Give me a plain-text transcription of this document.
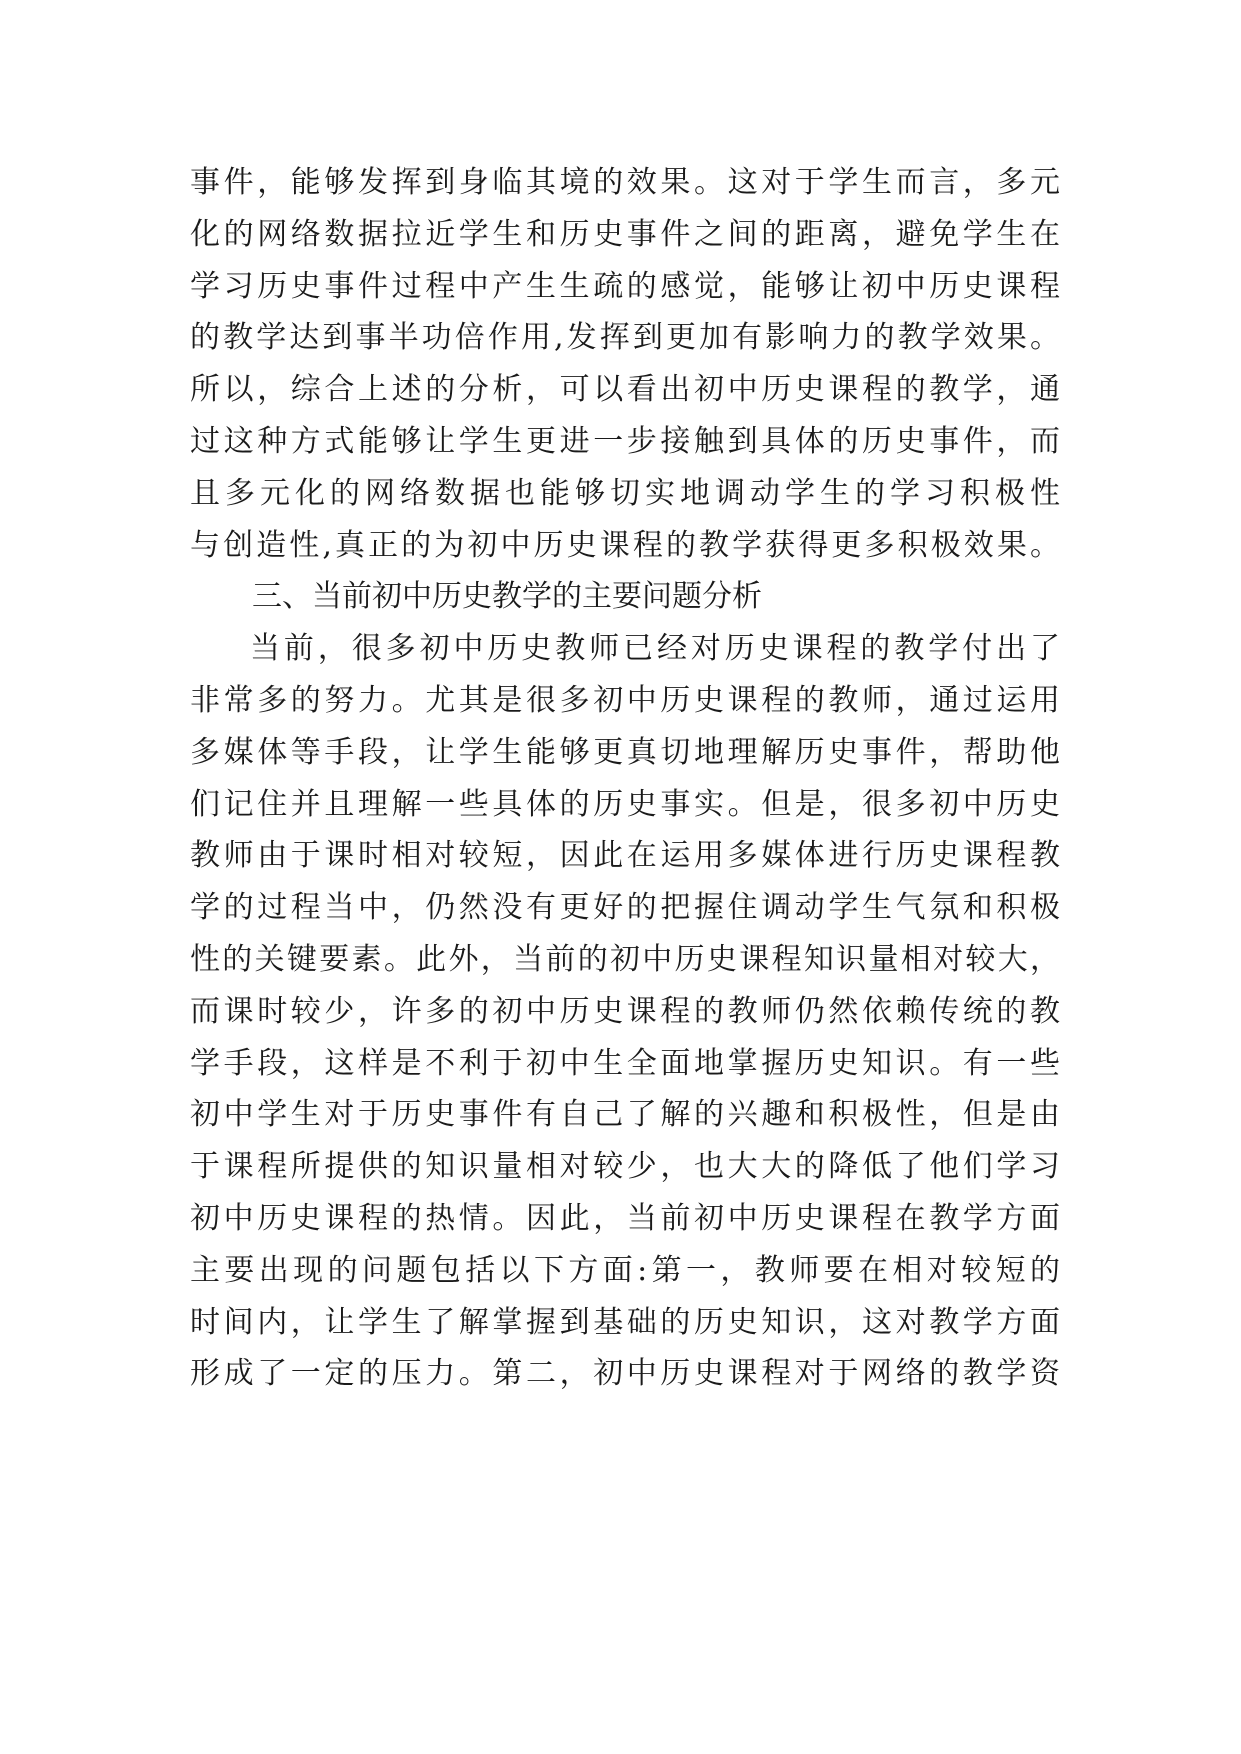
事件，能够发挥到身临其境的效果。这对于学生而言，多元
化的网络数据拉近学生和历史事件之间的距离，避免学生在
学习历史事件过程中产生生疏的感觉，能够让初中历史课程
的教学达到事半功倍作用,发挥到更加有影响力的教学效果。
所以，综合上述的分析，可以看出初中历史课程的教学，通
过这种方式能够让学生更进一步接触到具体的历史事件，而
且多元化的网络数据也能够切实地调动学生的学习积极性
与创造性,真正的为初中历史课程的教学获得更多积极效果。
三、当前初中历史教学的主要问题分析
当前，很多初中历史教师已经对历史课程的教学付出了
非常多的努力。尤其是很多初中历史课程的教师，通过运用
多媒体等手段，让学生能够更真切地理解历史事件，帮助他
们记住并且理解一些具体的历史事实。但是，很多初中历史
教师由于课时相对较短，因此在运用多媒体进行历史课程教
学的过程当中，仍然没有更好的把握住调动学生气氛和积极
性的关键要素。此外，当前的初中历史课程知识量相对较大，
而课时较少，许多的初中历史课程的教师仍然依赖传统的教
学手段，这样是不利于初中生全面地掌握历史知识。有一些
初中学生对于历史事件有自己了解的兴趣和积极性，但是由
于课程所提供的知识量相对较少，也大大的降低了他们学习
初中历史课程的热情。因此，当前初中历史课程在教学方面
主要出现的问题包括以下方面:第一，教师要在相对较短的
时间内，让学生了解掌握到基础的历史知识，这对教学方面
形成了一定的压力。第二，初中历史课程对于网络的教学资
